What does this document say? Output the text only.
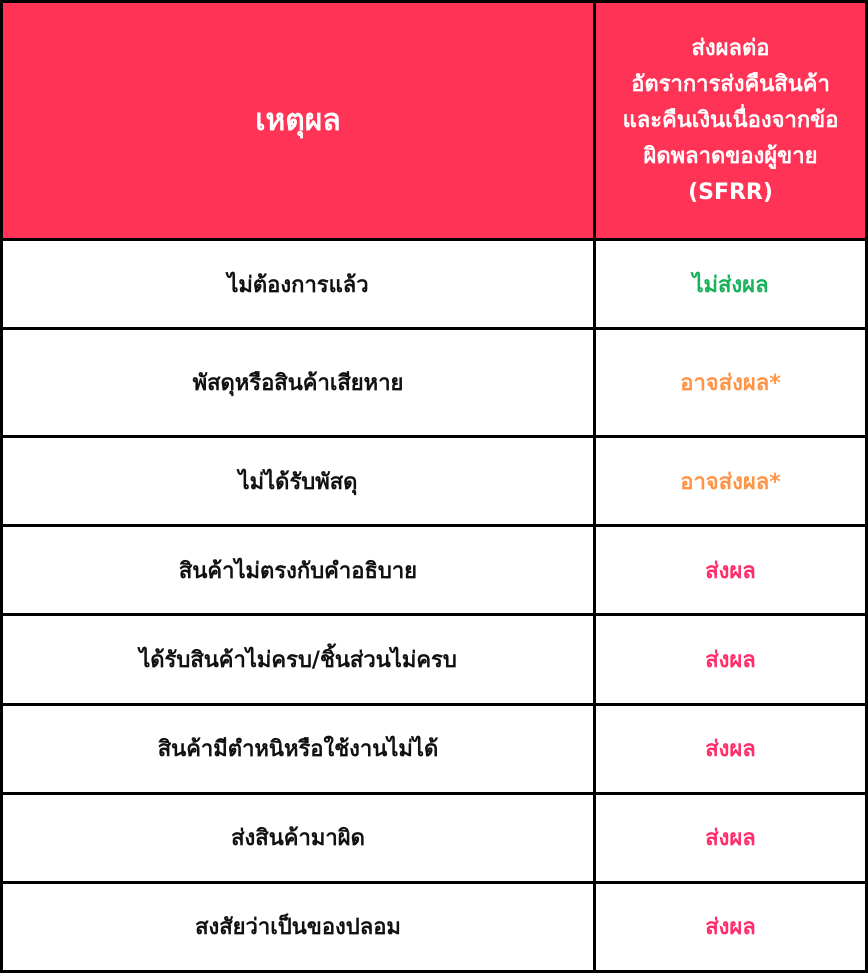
เหตุผล	ส่งผลต่อ
อัตราการส่งคืนสินค้า
และคืนเงินเนื่องจากข้อ
ผิดพลาดของผู้ขาย
(SFRR)

ไม่ต้องการแล้ว	ไม่ส่งผล
พัสดุหรือสินค้าเสียหาย	อาจส่งผล*
ไม่ได้รับพัสดุ	อาจส่งผล*
สินค้าไม่ตรงกับคำอธิบาย	ส่งผล
ได้รับสินค้าไม่ครบ/ชิ้นส่วนไม่ครบ	ส่งผล
สินค้ามีตำหนิหรือใช้งานไม่ได้	ส่งผล
ส่งสินค้ามาผิด	ส่งผล
สงสัยว่าเป็นของปลอม	ส่งผล
